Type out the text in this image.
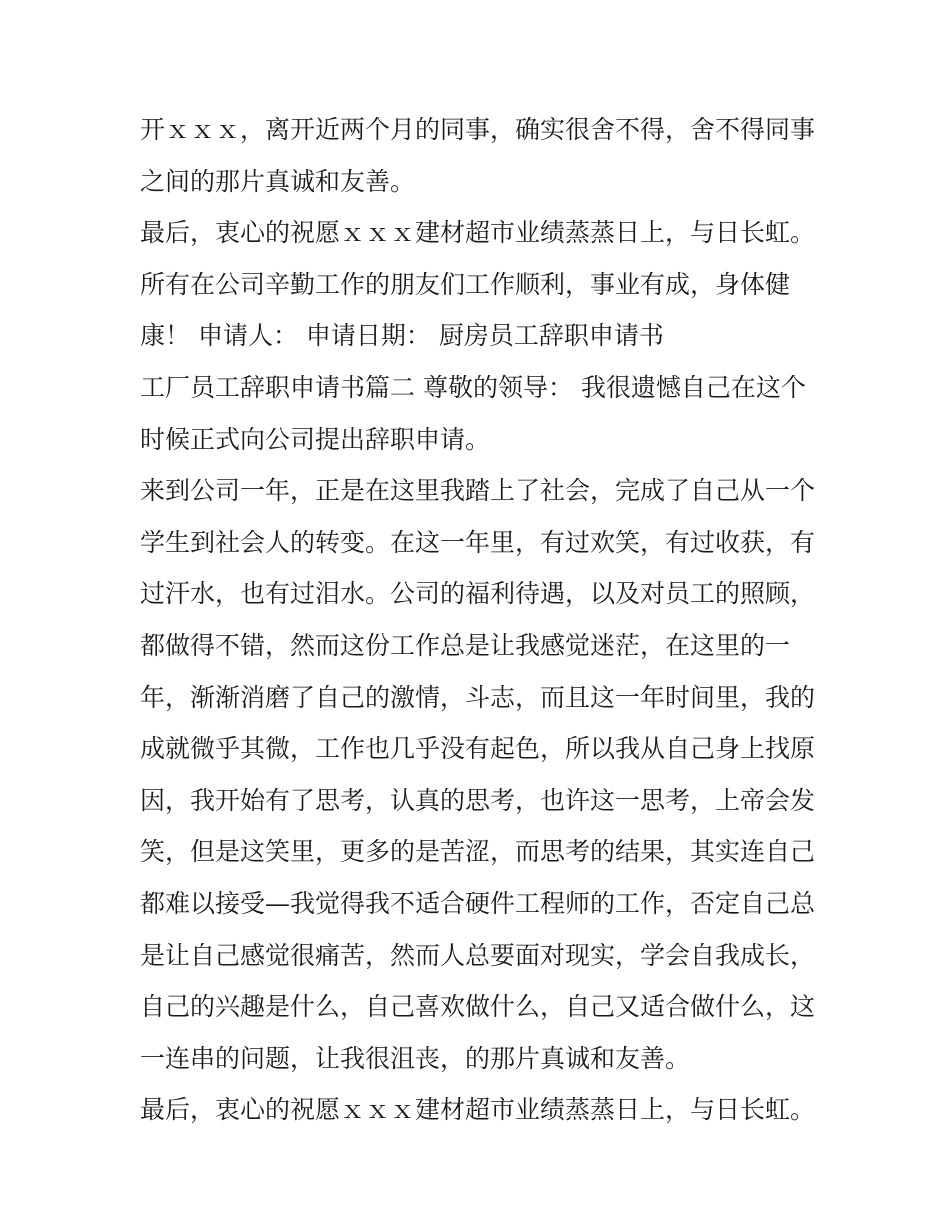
开ｘｘｘ，离开近两个月的同事，确实很舍不得，舍不得同事
之间的那片真诚和友善。
最后，衷心的祝愿ｘｘｘ建材超市业绩蒸蒸日上，与日长虹。
所有在公司辛勤工作的朋友们工作顺利，事业有成，身体健
康！ 申请人： 申请日期： 厨房员工辞职申请书
工厂员工辞职申请书篇二 尊敬的领导： 我很遗憾自己在这个
时候正式向公司提出辞职申请。
来到公司一年，正是在这里我踏上了社会，完成了自己从一个
学生到社会人的转变。在这一年里，有过欢笑，有过收获，有
过汗水，也有过泪水。公司的福利待遇，以及对员工的照顾，
都做得不错，然而这份工作总是让我感觉迷茫，在这里的一
年，渐渐消磨了自己的激情，斗志，而且这一年时间里，我的
成就微乎其微，工作也几乎没有起色，所以我从自己身上找原
因，我开始有了思考，认真的思考，也许这一思考，上帝会发
笑，但是这笑里，更多的是苦涩，而思考的结果，其实连自己
都难以接受—我觉得我不适合硬件工程师的工作，否定自己总
是让自己感觉很痛苦，然而人总要面对现实，学会自我成长，
自己的兴趣是什么，自己喜欢做什么，自己又适合做什么，这
一连串的问题，让我很沮丧，的那片真诚和友善。
最后，衷心的祝愿ｘｘｘ建材超市业绩蒸蒸日上，与日长虹。
